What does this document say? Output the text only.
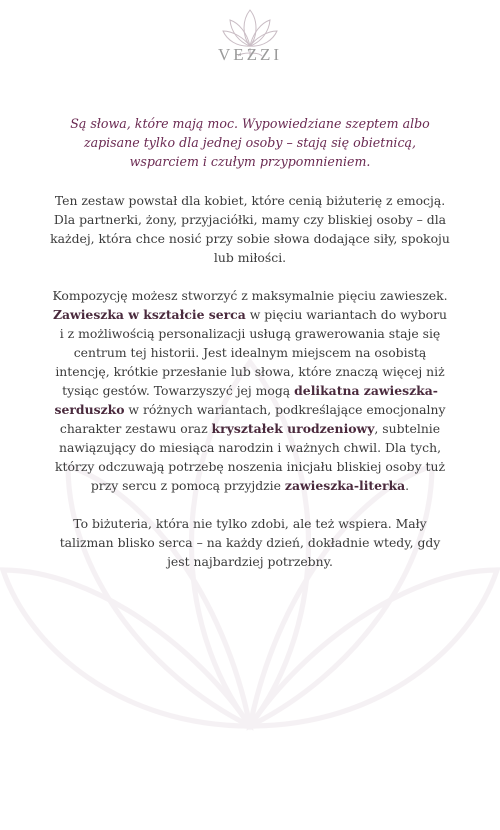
VEZZI

Są słowa, które mają moc. Wypowiedziane szeptem albo zapisane tylko dla jednej osoby – stają się obietnicą, wsparciem i czułym przypomnieniem.

Ten zestaw powstał dla kobiet, które cenią biżuterię z emocją. Dla partnerki, żony, przyjaciółki, mamy czy bliskiej osoby – dla każdej, która chce nosić przy sobie słowa dodające siły, spokoju lub miłości.

Kompozycję możesz stworzyć z maksymalnie pięciu zawieszek. Zawieszka w kształcie serca w pięciu wariantach do wyboru i z możliwością personalizacji usługą grawerowania staje się centrum tej historii. Jest idealnym miejscem na osobistą intencję, krótkie przesłanie lub słowa, które znaczą więcej niż tysiąc gestów. Towarzyszyć jej mogą delikatna zawieszka-serduszko w różnych wariantach, podkreślające emocjonalny charakter zestawu oraz kryształek urodzeniowy, subtelnie nawiązujący do miesiąca narodzin i ważnych chwil. Dla tych, którzy odczuwają potrzebę noszenia inicjału bliskiej osoby tuż przy sercu z pomocą przyjdzie zawieszka-literka.

To biżuteria, która nie tylko zdobi, ale też wspiera. Mały talizman blisko serca – na każdy dzień, dokładnie wtedy, gdy jest najbardziej potrzebny.
